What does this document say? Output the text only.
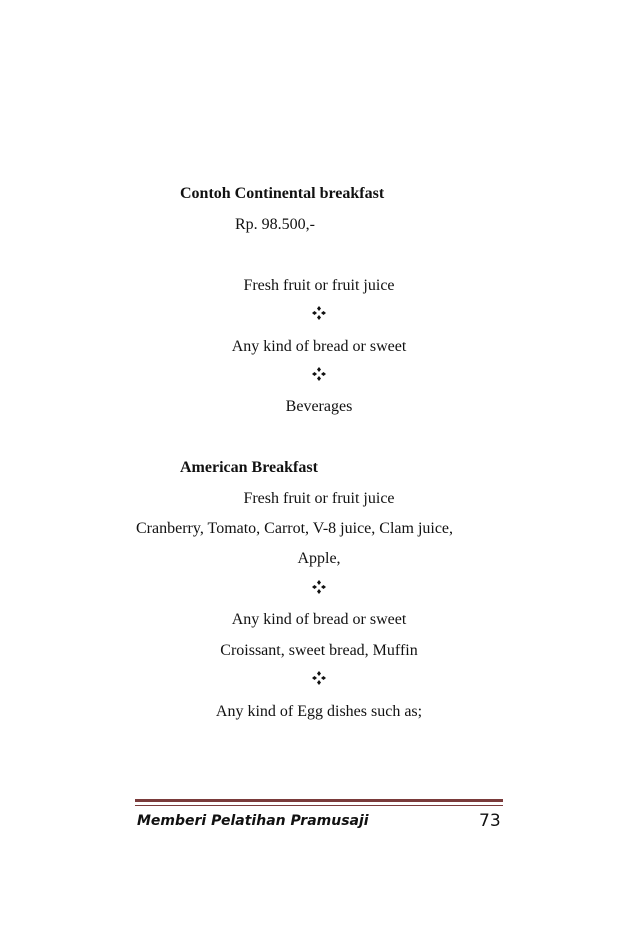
Contoh Continental breakfast
Rp. 98.500,-
Fresh fruit or fruit juice
Any kind of bread or sweet
Beverages
American Breakfast
Fresh fruit or fruit juice
Cranberry, Tomato, Carrot, V-8 juice, Clam juice,
Apple,
Any kind of bread or sweet
Croissant, sweet bread, Muffin
Any kind of Egg dishes such as;
Memberi Pelatihan Pramusaji	73
